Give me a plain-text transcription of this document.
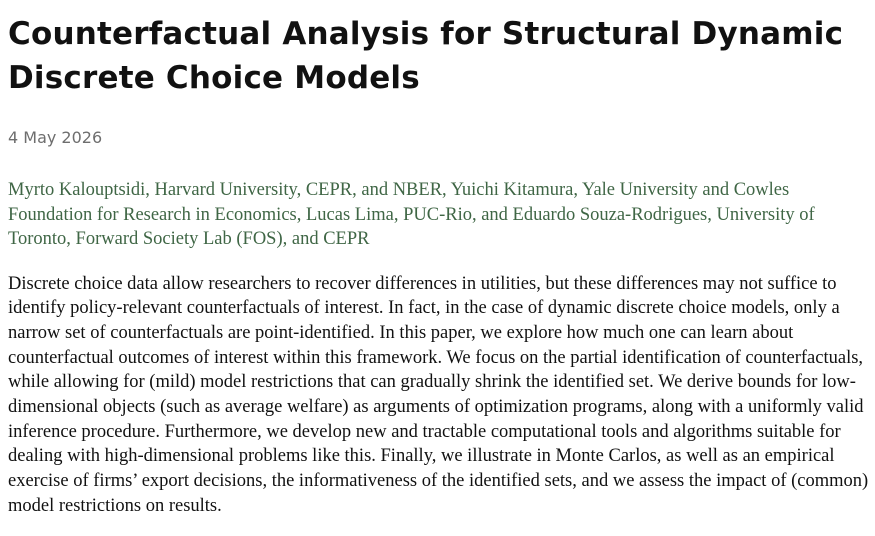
Counterfactual Analysis for Structural Dynamic Discrete Choice Models
4 May 2026
Myrto Kalouptsidi, Harvard University, CEPR, and NBER, Yuichi Kitamura, Yale University and Cowles Foundation for Research in Economics, Lucas Lima, PUC-Rio, and Eduardo Souza-Rodrigues, University of Toronto, Forward Society Lab (FOS), and CEPR

Discrete choice data allow researchers to recover differences in utilities, but these differences may not suffice to identify policy-relevant counterfactuals of interest. In fact, in the case of dynamic discrete choice models, only a narrow set of counterfactuals are point-identified. In this paper, we explore how much one can learn about counterfactual outcomes of interest within this framework. We focus on the partial identification of counterfactuals, while allowing for (mild) model restrictions that can gradually shrink the identified set. We derive bounds for low-dimensional objects (such as average welfare) as arguments of optimization programs, along with a uniformly valid inference procedure. Furthermore, we develop new and tractable computational tools and algorithms suitable for dealing with high-dimensional problems like this. Finally, we illustrate in Monte Carlos, as well as an empirical exercise of firms’ export decisions, the informativeness of the identified sets, and we assess the impact of (common) model restrictions on results.
